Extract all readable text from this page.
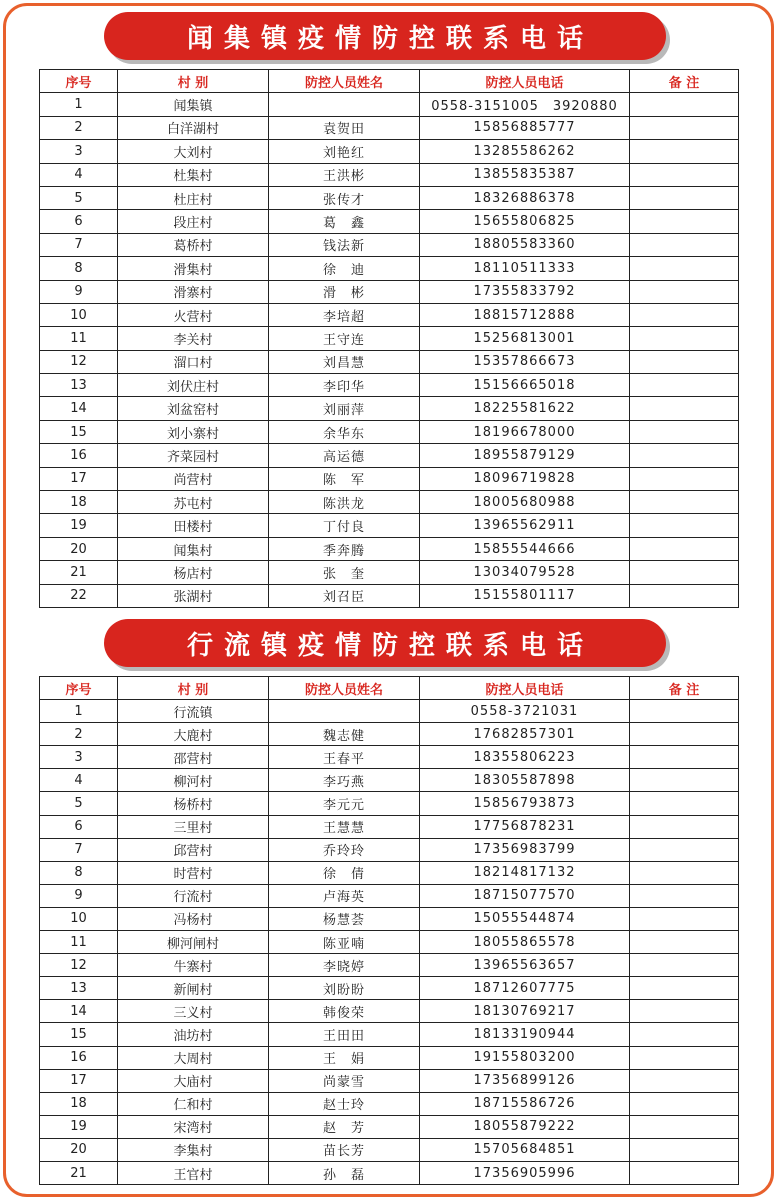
闻集镇疫情防控联系电话
序号	村 别	防控人员姓名	防控人员电话	备 注
1	闻集镇		0558-3151005　3920880	
2	白洋湖村	袁贺田	15856885777	
3	大刘村	刘艳红	13285586262	
4	杜集村	王洪彬	13855835387	
5	杜庄村	张传才	18326886378	
6	段庄村	葛　鑫	15655806825	
7	葛桥村	钱法新	18805583360	
8	滑集村	徐　迪	18110511333	
9	滑寨村	滑　彬	17355833792	
10	火营村	李培超	18815712888	
11	李关村	王守连	15256813001	
12	溜口村	刘昌慧	15357866673	
13	刘伏庄村	李印华	15156665018	
14	刘盆窑村	刘丽萍	18225581622	
15	刘小寨村	余华东	18196678000	
16	齐菜园村	高运德	18955879129	
17	尚营村	陈　军	18096719828	
18	苏屯村	陈洪龙	18005680988	
19	田楼村	丁付良	13965562911	
20	闻集村	季奔腾	15855544666	
21	杨店村	张　奎	13034079528	
22	张湖村	刘召臣	15155801117	
行流镇疫情防控联系电话
序号	村 别	防控人员姓名	防控人员电话	备 注
1	行流镇		0558-3721031	
2	大鹿村	魏志健	17682857301	
3	邵营村	王春平	18355806223	
4	柳河村	李巧燕	18305587898	
5	杨桥村	李元元	15856793873	
6	三里村	王慧慧	17756878231	
7	邱营村	乔玲玲	17356983799	
8	时营村	徐　倩	18214817132	
9	行流村	卢海英	18715077570	
10	冯杨村	杨慧荟	15055544874	
11	柳河闸村	陈亚喃	18055865578	
12	牛寨村	李晓婷	13965563657	
13	新闸村	刘盼盼	18712607775	
14	三义村	韩俊荣	18130769217	
15	油坊村	王田田	18133190944	
16	大周村	王　娟	19155803200	
17	大庙村	尚蒙雪	17356899126	
18	仁和村	赵士玲	18715586726	
19	宋湾村	赵　芳	18055879222	
20	李集村	苗长芳	15705684851	
21	王官村	孙　磊	17356905996	
